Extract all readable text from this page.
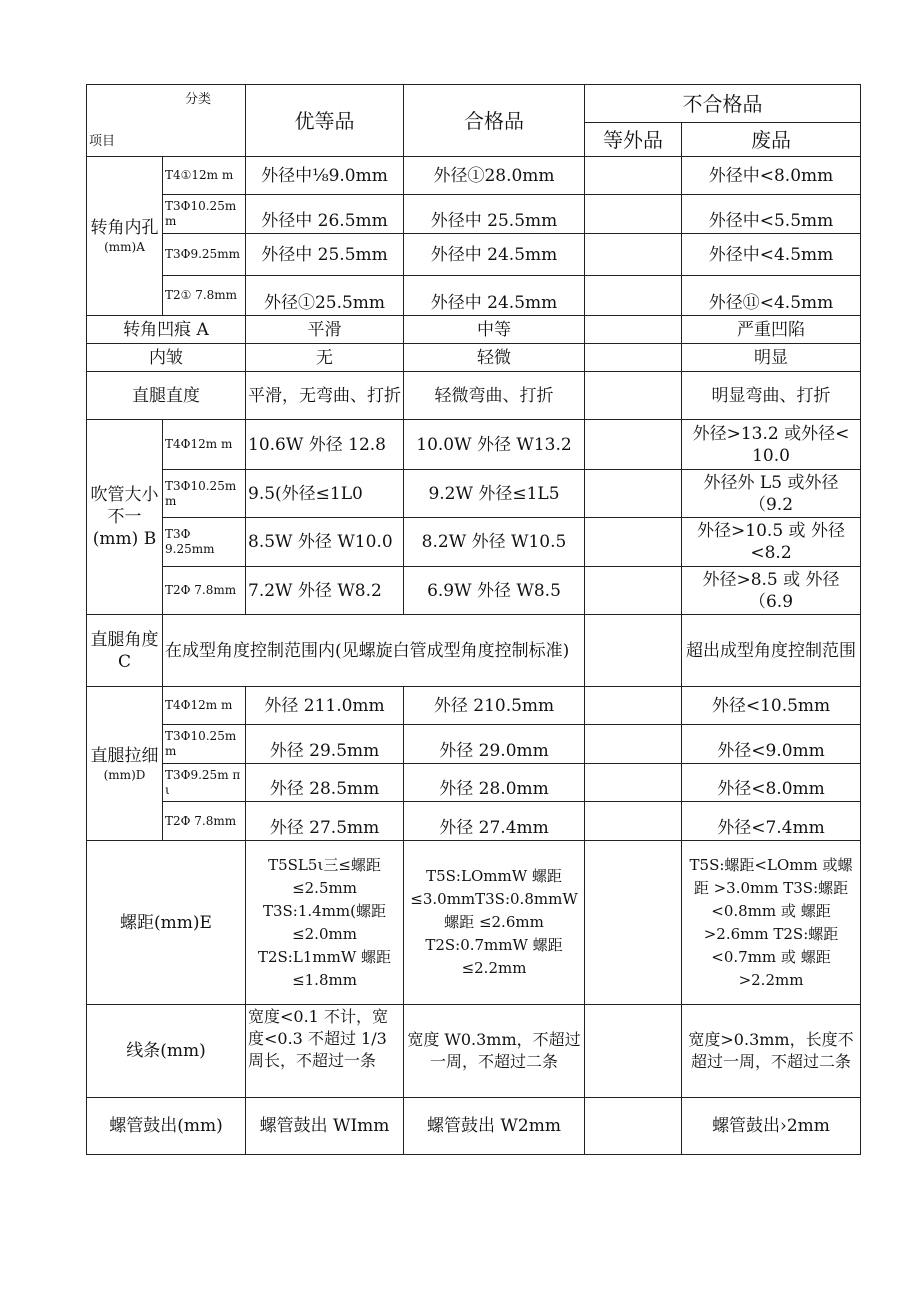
分类
项目		优等品	合格品	不合格品	
				等外品	废品

转角内孔
(mm)A	T4①12m m	外径中⅛9.0mm	外径①28.0mm		外径中<8.0mm
	T3Φ10.25m m	外径中 26.5mm	外径中 25.5mm		外径中<5.5mm
	T3Φ9.25mm	外径中 25.5mm	外径中 24.5mm		外径中<4.5mm
	T2① 7.8mm	外径①25.5mm	外径中 24.5mm		外径⑪<4.5mm
转角凹痕 A		平滑	中等		严重凹陷
内皱		无	轻微		明显
直腿直度		平滑，无弯曲、打折	轻微弯曲、打折		明显弯曲、打折
吹管大小不一(mm) B	T4Φ12m m	10.6W 外径 12.8	10.0W 外径 W13.2		外径>13.2 或外径< 10.0
	T3Φ10.25m m	9.5(外径≤1L0	9.2W 外径≤1L5		外径外 L5 或外径（9.2
	T3Φ 9.25mm	8.5W 外径 W10.0	8.2W 外径 W10.5		外径>10.5 或 外径<8.2
	T2Φ 7.8mm	7.2W 外径 W8.2	6.9W 外径 W8.5		外径>8.5 或 外径（6.9
直腿角度 C	在成型角度控制范围内(见螺旋白管成型角度控制标准)				超出成型角度控制范围

直腿拉细
(mm)D	T4Φ12m m	外径 211.0mm	外径 210.5mm		外径<10.5mm
	T3Φ10.25m m	外径 29.5mm	外径 29.0mm		外径<9.0mm
	T3Φ9.25m π ι	外径 28.5mm	外径 28.0mm		外径<8.0mm
	T2Φ 7.8mm	外径 27.5mm	外径 27.4mm		外径<7.4mm
螺距(mm)E		T5SL5ι三≤螺距 ≤2.5mm T3S:1.4mm(螺距 ≤2.0mm T2S:L1mmW 螺距 ≤1.8mm	T5S:LOmmW 螺距 ≤3.0mmT3S:0.8mmW 螺距 ≤2.6mm T2S:0.7mmW 螺距≤2.2mm		T5S:螺距<LOmm 或螺距 >3.0mm T3S:螺距<0.8mm 或 螺距>2.6mm T2S:螺距<0.7mm 或 螺距>2.2mm
线条(mm)		宽度<0.1 不计，宽度<0.3 不超过 1/3 周长，不超过一条	宽度 W0.3mm，不超过一周，不超过二条		宽度>0.3mm，长度不超过一周，不超过二条
螺管鼓出(mm)		螺管鼓出 WImm	螺管鼓出 W2mm		螺管鼓出›2mm
